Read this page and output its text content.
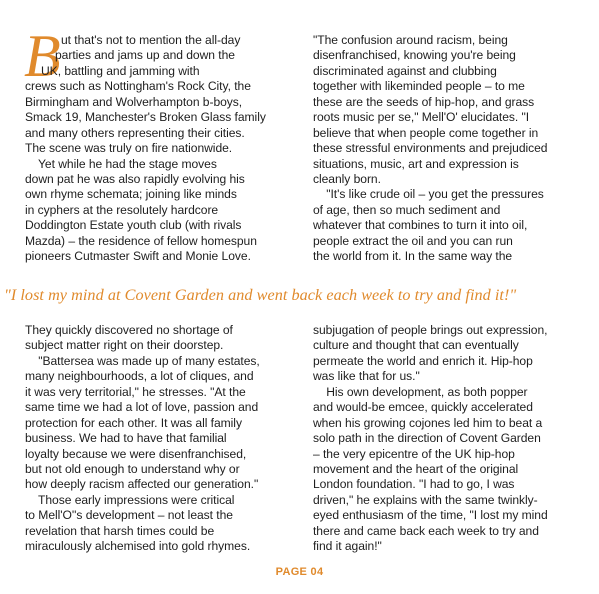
B ut that's not to mention the all-day
parties and jams up and down the
UK, battling and jamming with
crews such as Nottingham's Rock City, the
Birmingham and Wolverhampton b-boys,
Smack 19, Manchester's Broken Glass family
and many others representing their cities.
The scene was truly on fire nationwide.
Yet while he had the stage moves
down pat he was also rapidly evolving his
own rhyme schemata; joining like minds
in cyphers at the resolutely hardcore
Doddington Estate youth club (with rivals
Mazda) – the residence of fellow homespun
pioneers Cutmaster Swift and Monie Love.
"The confusion around racism, being
disenfranchised, knowing you're being
discriminated against and clubbing
together with likeminded people – to me
these are the seeds of hip-hop, and grass
roots music per se," Mell'O' elucidates. "I
believe that when people come together in
these stressful environments and prejudiced
situations, music, art and expression is
cleanly born.
"It's like crude oil – you get the pressures
of age, then so much sediment and
whatever that combines to turn it into oil,
people extract the oil and you can run
the world from it. In the same way the
"I lost my mind at Covent Garden and went back each week to try and find it!"
They quickly discovered no shortage of
subject matter right on their doorstep.
"Battersea was made up of many estates,
many neighbourhoods, a lot of cliques, and
it was very territorial," he stresses. "At the
same time we had a lot of love, passion and
protection for each other. It was all family
business. We had to have that familial
loyalty because we were disenfranchised,
but not old enough to understand why or
how deeply racism affected our generation."
Those early impressions were critical
to Mell'O''s development – not least the
revelation that harsh times could be
miraculously alchemised into gold rhymes.
subjugation of people brings out expression,
culture and thought that can eventually
permeate the world and enrich it. Hip-hop
was like that for us."
His own development, as both popper
and would-be emcee, quickly accelerated
when his growing cojones led him to beat a
solo path in the direction of Covent Garden
– the very epicentre of the UK hip-hop
movement and the heart of the original
London foundation. "I had to go, I was
driven," he explains with the same twinkly-
eyed enthusiasm of the time, "I lost my mind
there and came back each week to try and
find it again!"
PAGE 04
